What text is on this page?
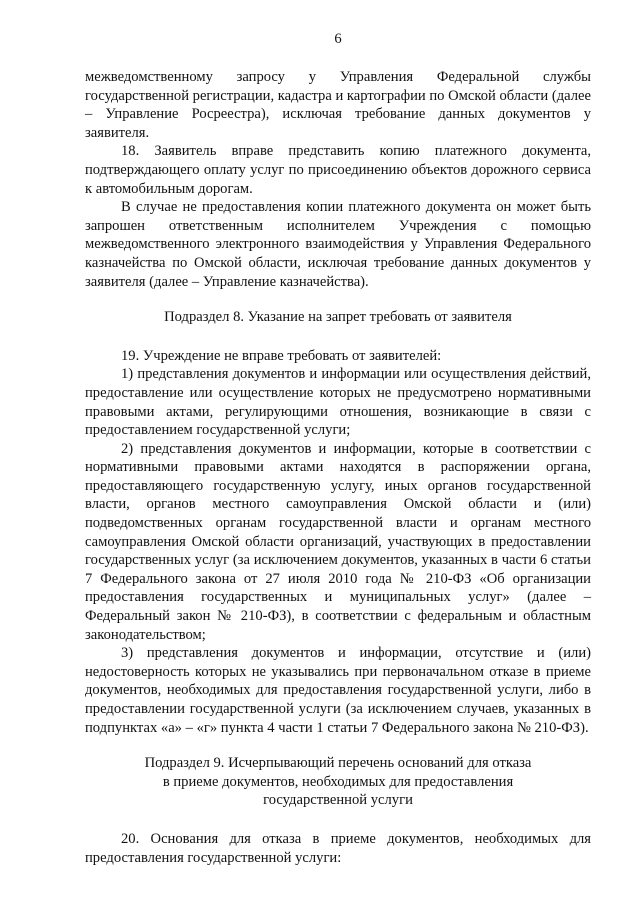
6

межведомственному запросу у Управления Федеральной службы государственной регистрации, кадастра и картографии по Омской области (далее – Управление Росреестра), исключая требование данных документов у заявителя.

18. Заявитель вправе представить копию платежного документа, подтверждающего оплату услуг по присоединению объектов дорожного сервиса к автомобильным дорогам.

В случае не предоставления копии платежного документа он может быть запрошен ответственным исполнителем Учреждения с помощью межведомственного электронного взаимодействия у Управления Федерального казначейства по Омской области, исключая требование данных документов у заявителя (далее – Управление казначейства).

Подраздел 8. Указание на запрет требовать от заявителя

19. Учреждение не вправе требовать от заявителей:

1) представления документов и информации или осуществления действий, предоставление или осуществление которых не предусмотрено нормативными правовыми актами, регулирующими отношения, возникающие в связи с предоставлением государственной услуги;

2) представления документов и информации, которые в соответствии с нормативными правовыми актами находятся в распоряжении органа, предоставляющего государственную услугу, иных органов государственной власти, органов местного самоуправления Омской области и (или) подведомственных органам государственной власти и органам местного самоуправления Омской области организаций, участвующих в предоставлении государственных услуг (за исключением документов, указанных в части 6 статьи 7 Федерального закона от 27 июля 2010 года № 210-ФЗ «Об организации предоставления государственных и муниципальных услуг» (далее – Федеральный закон № 210-ФЗ), в соответствии с федеральным и областным законодательством;

3) представления документов и информации, отсутствие и (или) недостоверность которых не указывались при первоначальном отказе в приеме документов, необходимых для предоставления государственной услуги, либо в предоставлении государственной услуги (за исключением случаев, указанных в подпунктах «а» – «г» пункта 4 части 1 статьи 7 Федерального закона № 210-ФЗ).

Подраздел 9. Исчерпывающий перечень оснований для отказа
в приеме документов, необходимых для предоставления
государственной услуги

20. Основания для отказа в приеме документов, необходимых для предоставления государственной услуги:
